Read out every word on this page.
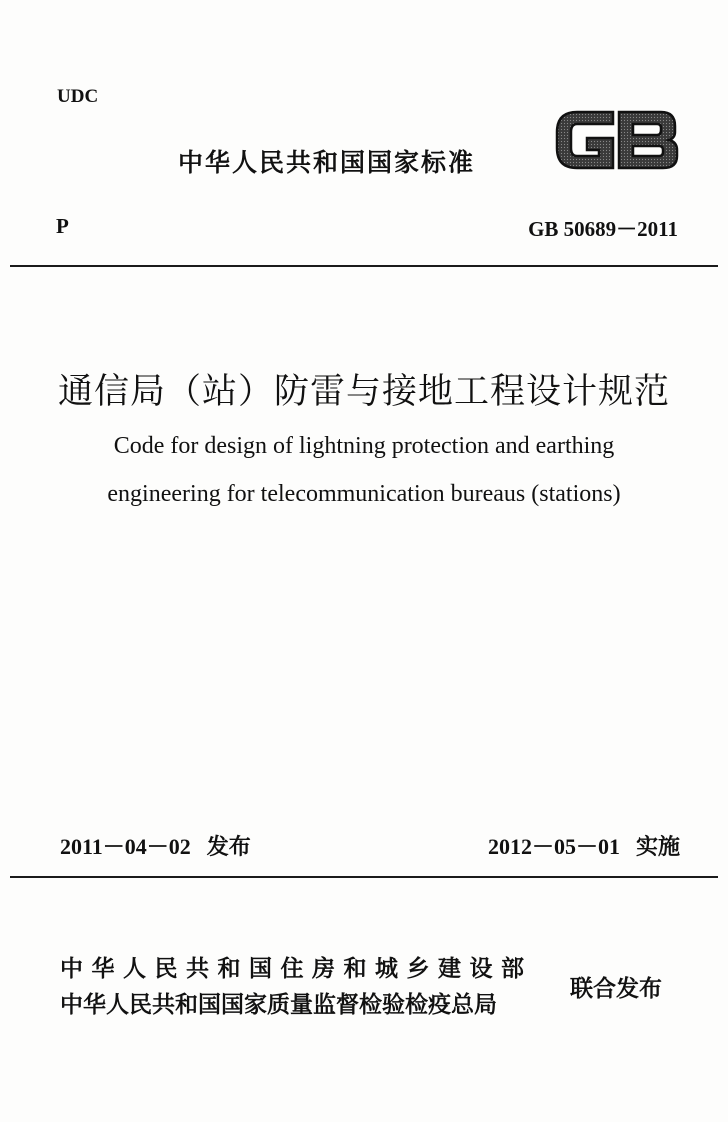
UDC
中华人民共和国国家标准
P	GB 50689－2011
通信局（站）防雷与接地工程设计规范
Code for design of lightning protection and earthing
engineering for telecommunication bureaus (stations)
2011－04－02 发布	2012－05－01 实施
中华人民共和国住房和城乡建设部
中华人民共和国国家质量监督检验检疫总局
联合发布
